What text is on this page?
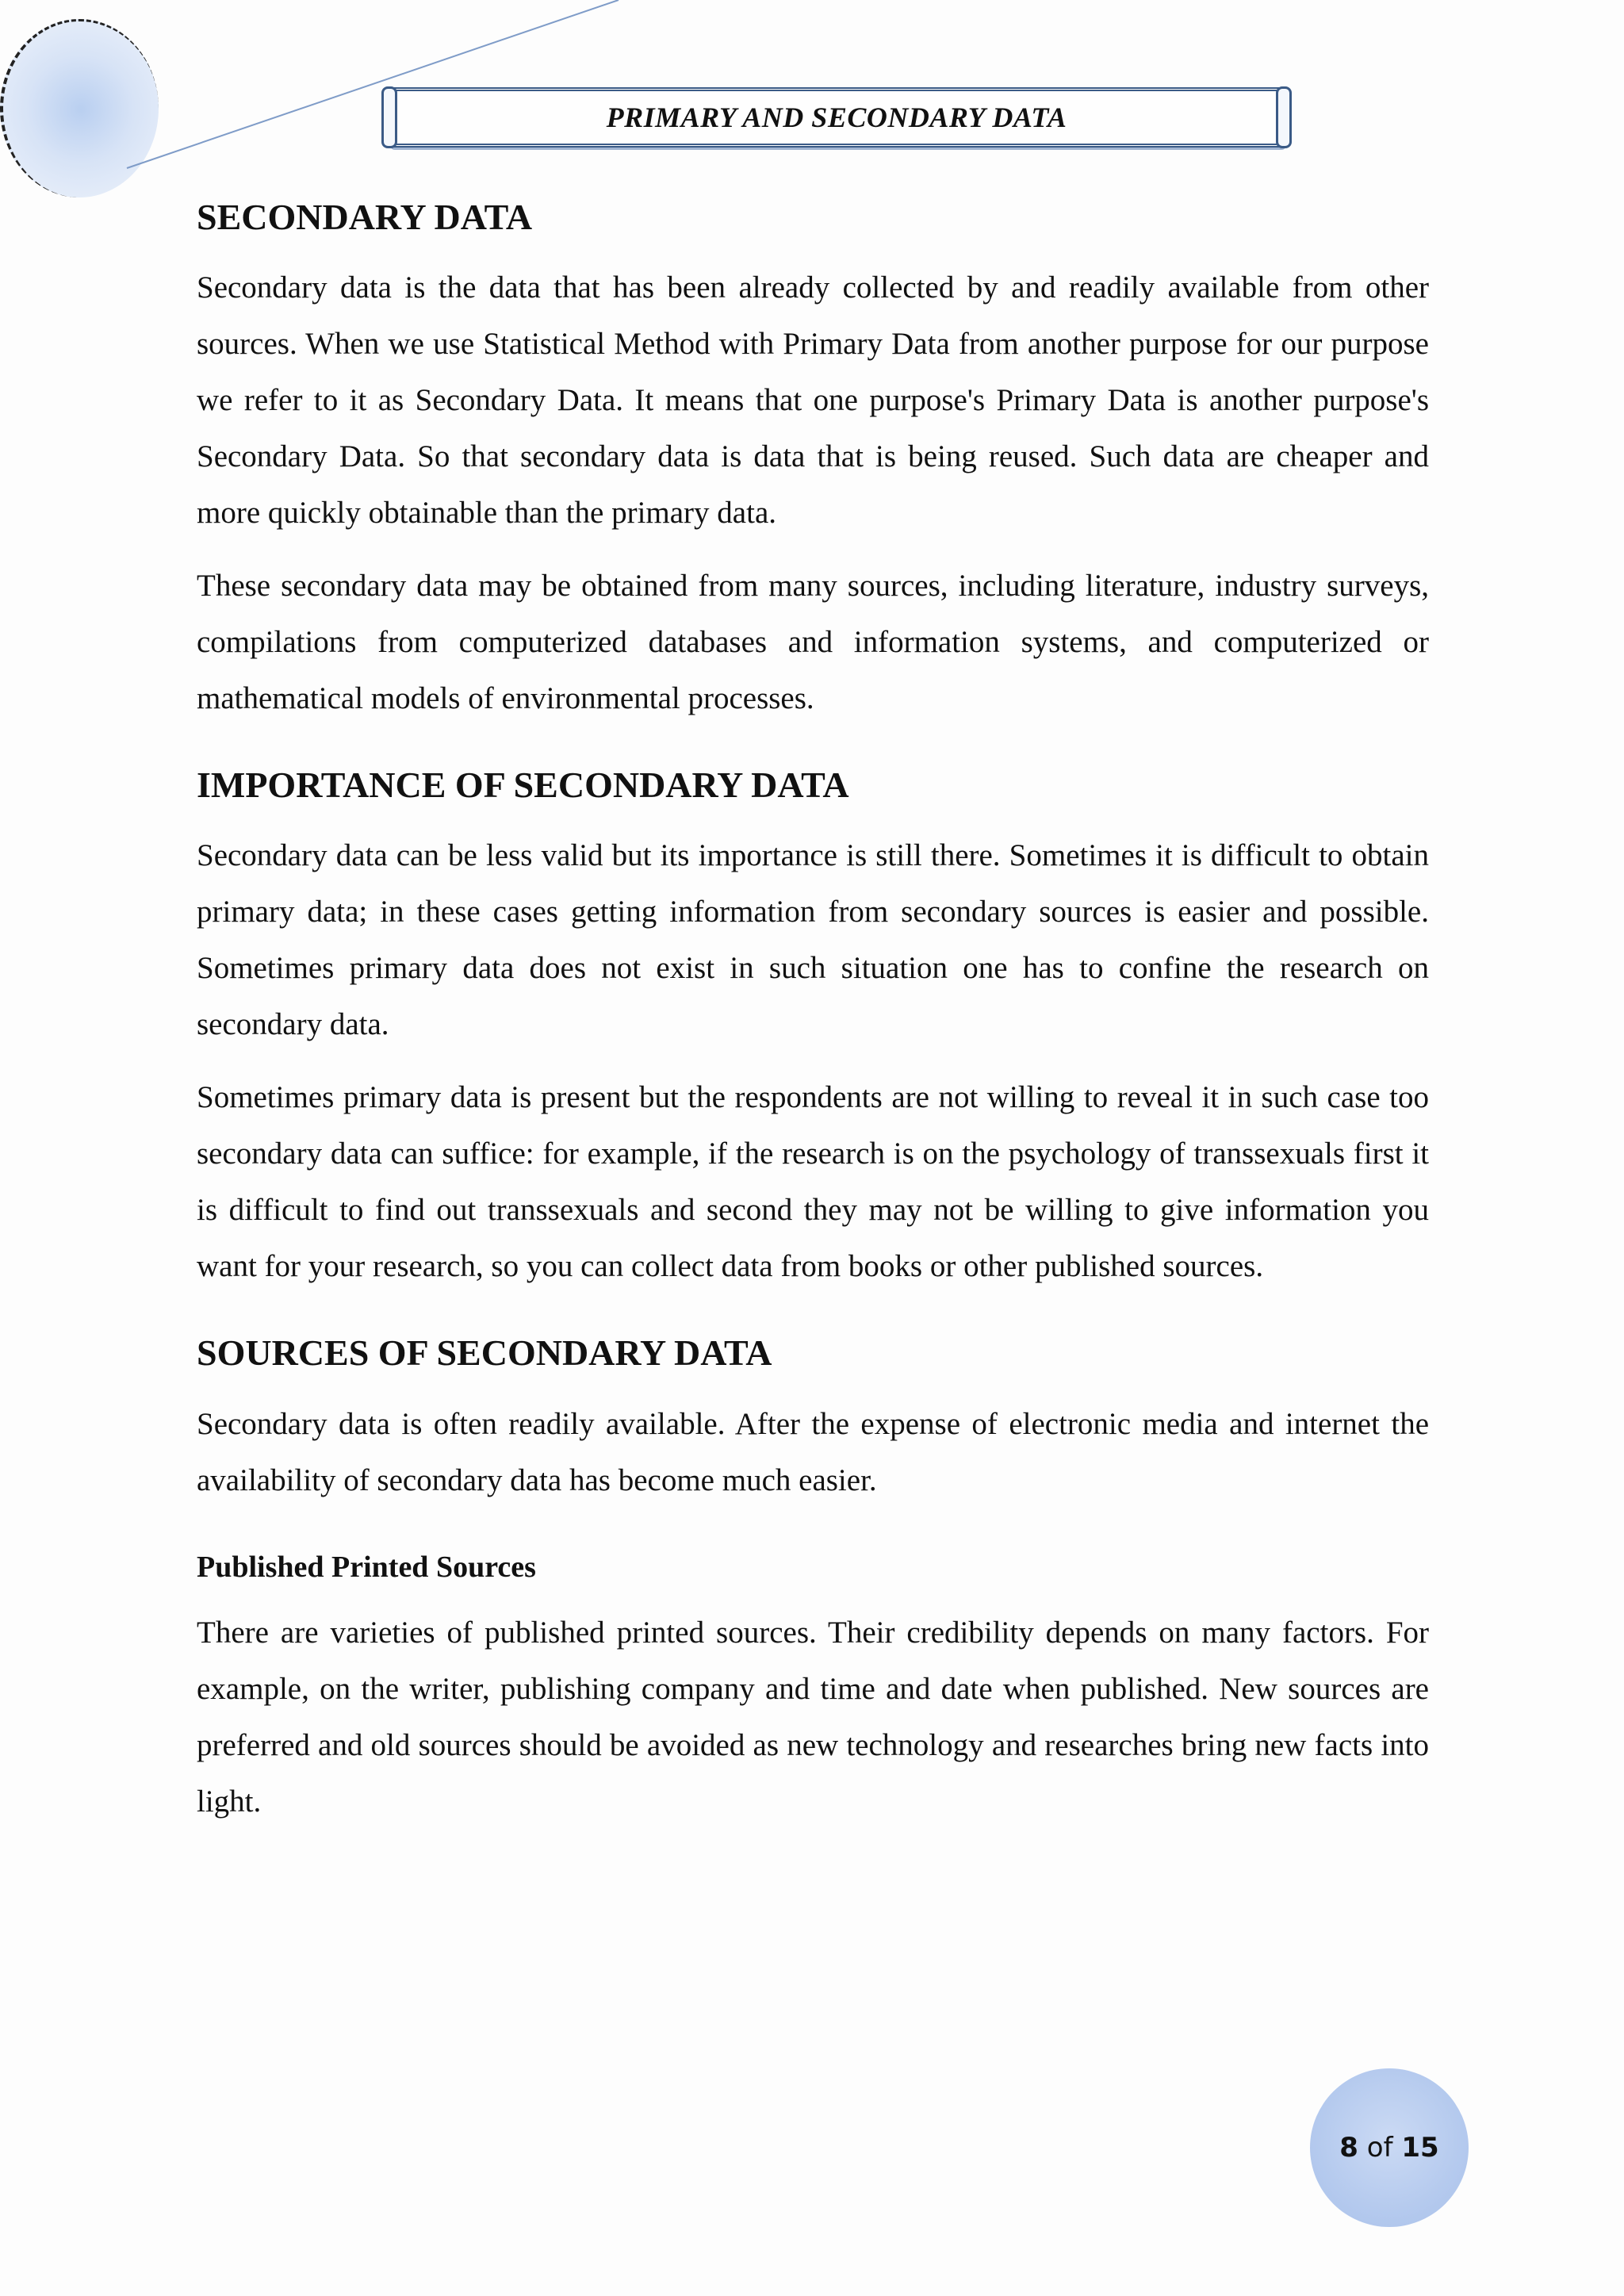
PRIMARY AND SECONDARY DATA
SECONDARY DATA

Secondary data is the data that has been already collected by and readily available from other sources. When we use Statistical Method with Primary Data from another purpose for our purpose we refer to it as Secondary Data. It means that one purpose's Primary Data is another purpose's Secondary Data. So that secondary data is data that is being reused. Such data are cheaper and more quickly obtainable than the primary data.

These secondary data may be obtained from many sources, including literature, industry surveys, compilations from computerized databases and information systems, and computerized or mathematical models of environmental processes.

IMPORTANCE OF SECONDARY DATA

Secondary data can be less valid but its importance is still there. Sometimes it is difficult to obtain primary data; in these cases getting information from secondary sources is easier and possible. Sometimes primary data does not exist in such situation one has to confine the research on secondary data.

Sometimes primary data is present but the respondents are not willing to reveal it in such case too secondary data can suffice: for example, if the research is on the psychology of transsexuals first it is difficult to find out transsexuals and second they may not be willing to give information you want for your research, so you can collect data from books or other published sources.

SOURCES OF SECONDARY DATA

Secondary data is often readily available. After the expense of electronic media and internet the availability of secondary data has become much easier.

Published Printed Sources

There are varieties of published printed sources. Their credibility depends on many factors. For example, on the writer, publishing company and time and date when published. New sources are preferred and old sources should be avoided as new technology and researches bring new facts into light.

8
of
15
